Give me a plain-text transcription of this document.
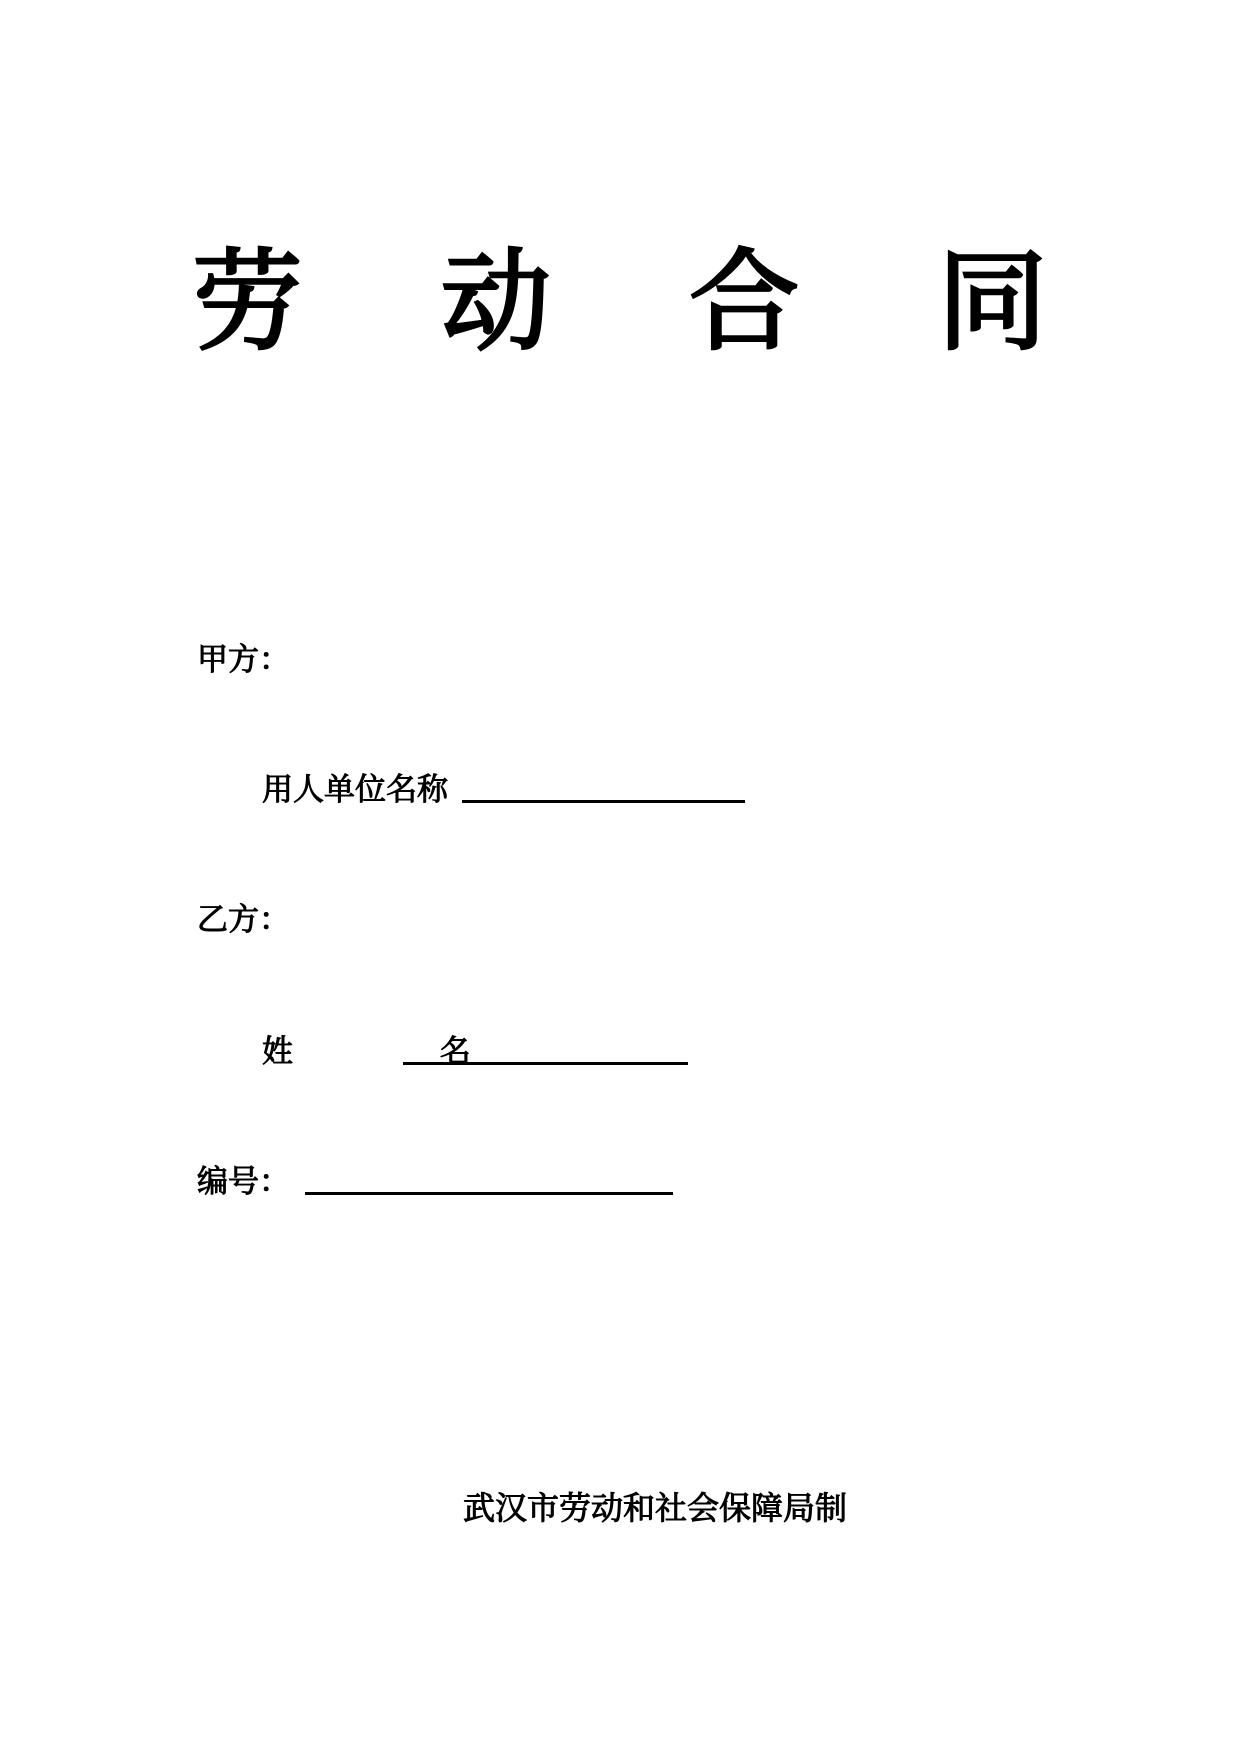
劳 动 合 同
甲方：
用人单位名称
乙方：
姓 名
编号：
武汉市劳动和社会保障局制
